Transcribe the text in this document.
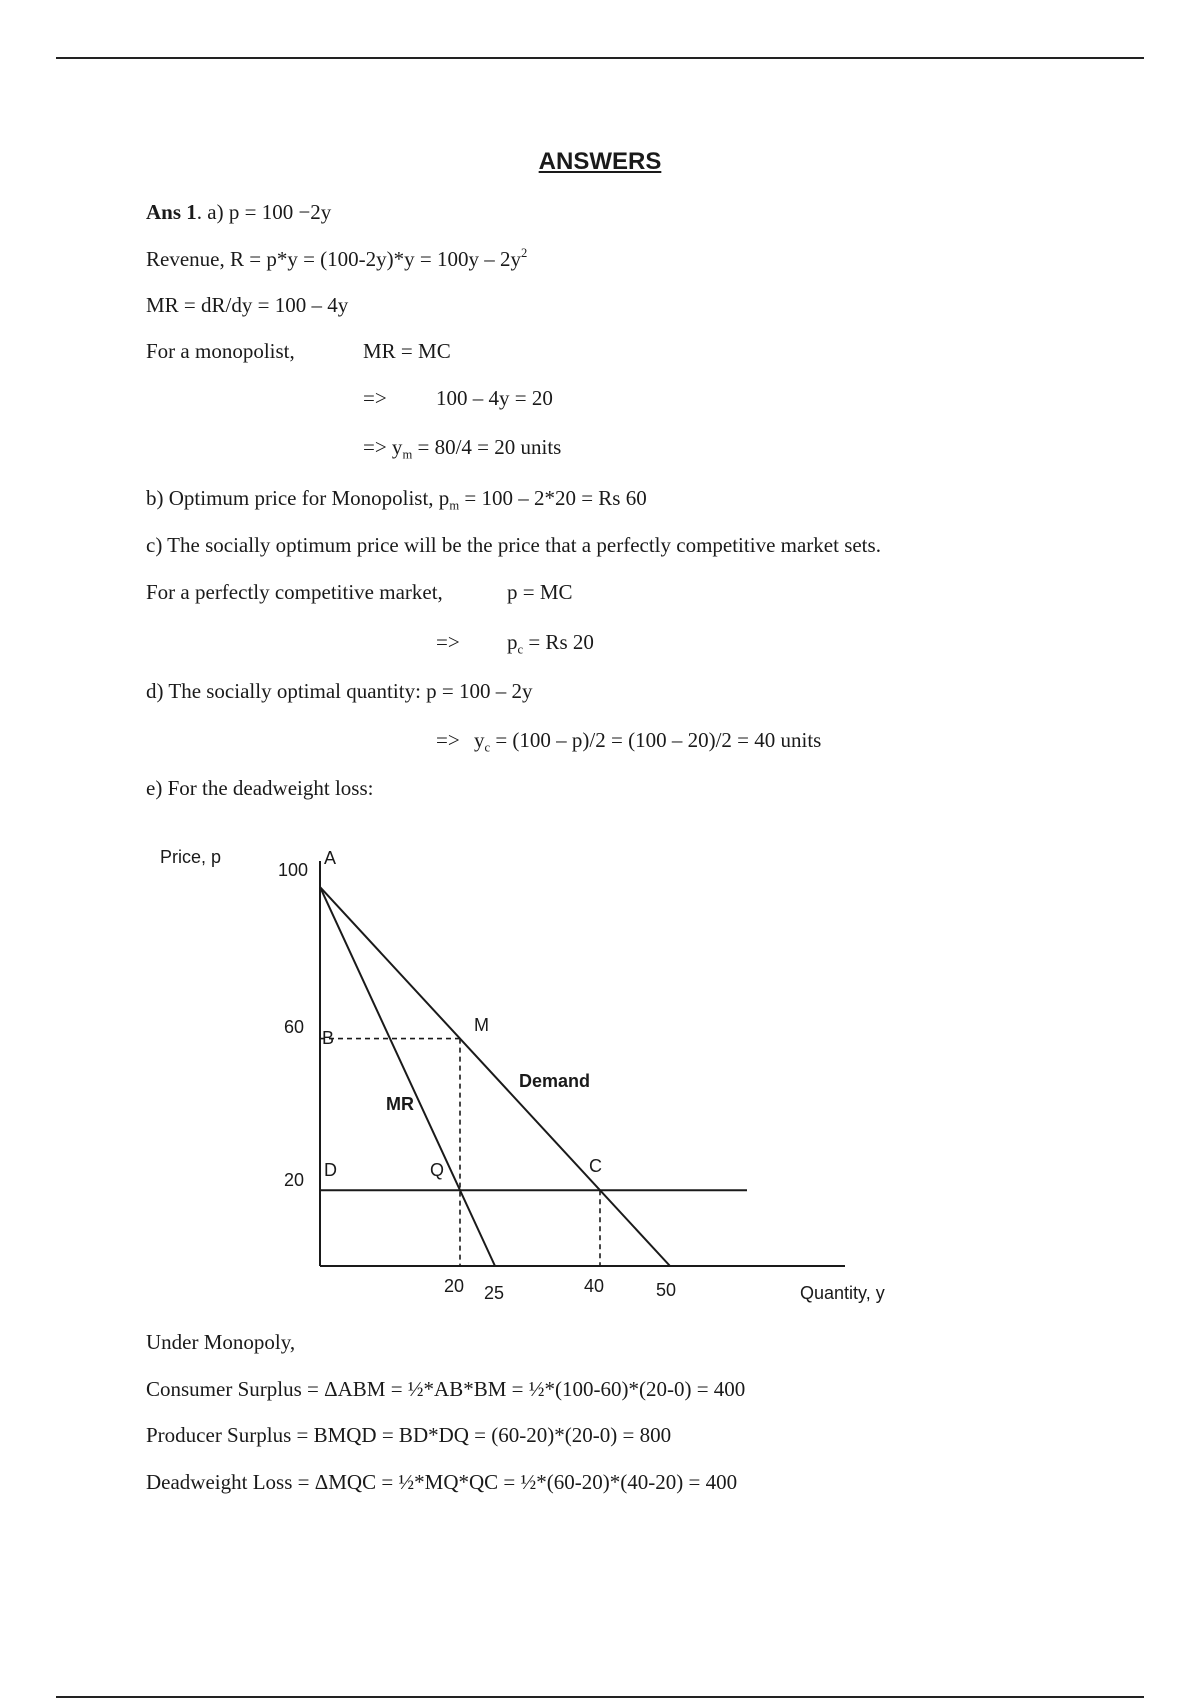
ANSWERS
Ans 1. a) p = 100 −2y
Revenue, $R = p*y = (100-2y)*y = 100y - 2y^2$
MR = dR/dy = 100 – 4y
For a monopolist,	MR = MC
=> 100 – 4y = 20
=> $y_m = 80/4 = 20$ units
b) Optimum price for Monopolist, $p_m = 100 - 2*20 = Rs$ 60
c) The socially optimum price will be the price that a perfectly competitive market sets.
For a perfectly competitive market,	p = MC
=> $p_c = Rs$ 20
d) The socially optimal quantity: p = 100 – 2y
=> $y_c = (100 - p)/2 = (100 - 20)/2 = 40$ units
e) For the deadweight loss:
Price, p
Quantity, y
100
60
20
20 25	40	50
A
B
M
D	Q	C
Demand
MR
Under Monopoly,
Consumer Surplus = ΔABM = ½*AB*BM = ½*(100-60)*(20-0) = 400
Producer Surplus = BMQD = BD*DQ = (60-20)*(20-0) = 800
Deadweight Loss = ΔMQC = ½*MQ*QC = ½*(60-20)*(40-20) = 400
